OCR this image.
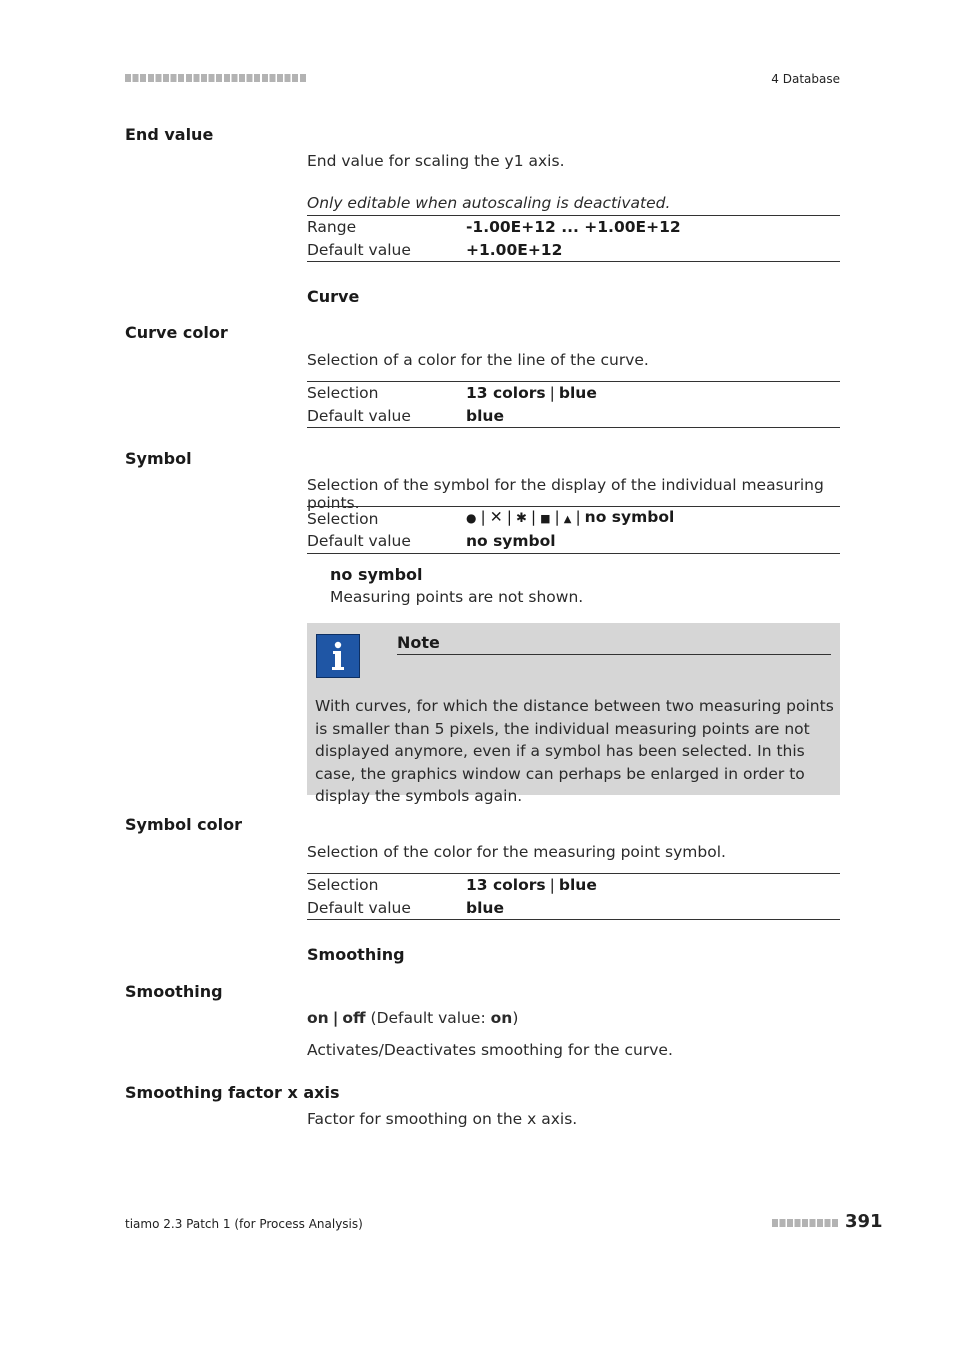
4 Database
End value
End value for scaling the y1 axis.
Only editable when autoscaling is deactivated.
Range	-1.00E+12 ... +1.00E+12
Default value	+1.00E+12
Curve
Curve color
Selection of a color for the line of the curve.
Selection	13 colors | blue
Default value	blue
Symbol
Selection of the symbol for the display of the individual measuring points.
Selection	● | ✕ | ✱ | ■ | ▲ | no symbol
Default value	no symbol
no symbol
Measuring points are not shown.
Note
With curves, for which the distance between two measuring points is smaller than 5 pixels, the individual measuring points are not displayed anymore, even if a symbol has been selected. In this case, the graphics window can perhaps be enlarged in order to display the symbols again.
Symbol color
Selection of the color for the measuring point symbol.
Selection	13 colors | blue
Default value	blue
Smoothing
Smoothing
on | off (Default value: on)
Activates/Deactivates smoothing for the curve.
Smoothing factor x axis
Factor for smoothing on the x axis.
tiamo 2.3 Patch 1 (for Process Analysis)	391
